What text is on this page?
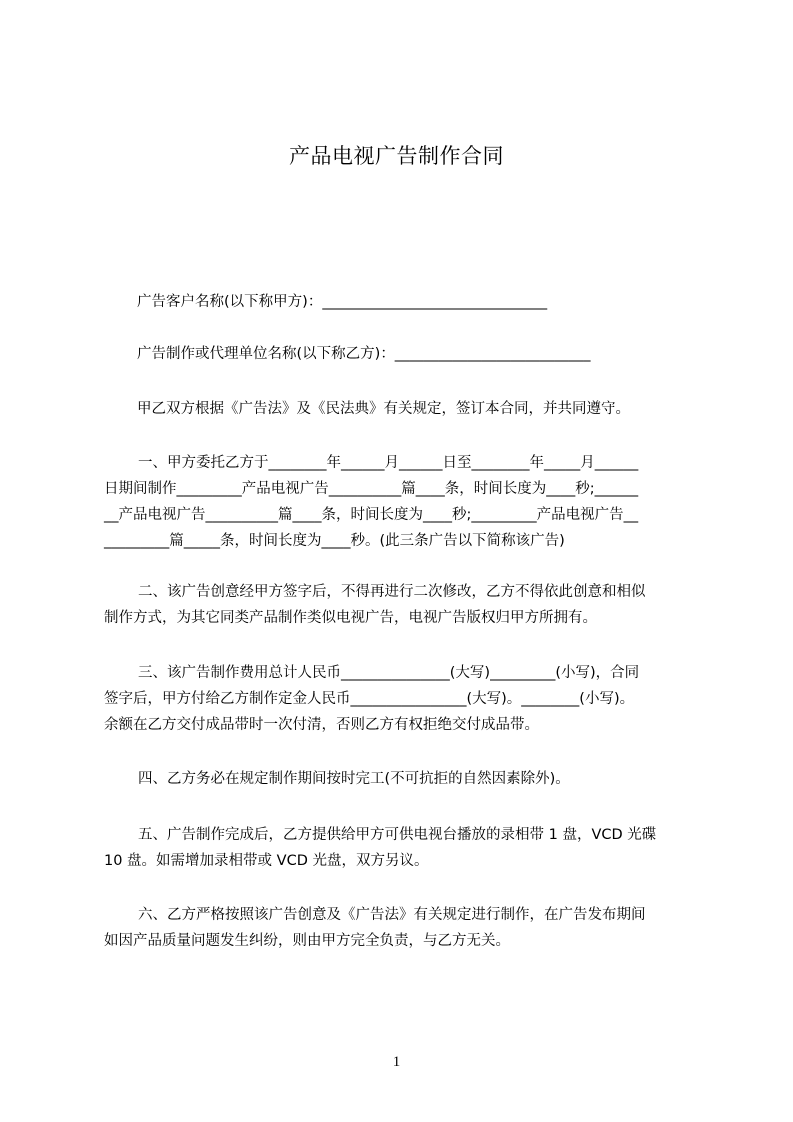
产品电视广告制作合同

广告客户名称(以下称甲方)：_______________________________

广告制作或代理单位名称(以下称乙方)：___________________________

甲乙双方根据《广告法》及《民法典》有关规定，签订本合同，并共同遵守。

一、甲方委托乙方于________年______月______日至________年_____月______
日期间制作_________产品电视广告__________篇____条，时间长度为____秒;______
__产品电视广告__________篇____条，时间长度为____秒;_________产品电视广告__
_________篇_____条，时间长度为____秒。(此三条广告以下简称该广告)
二、该广告创意经甲方签字后，不得再进行二次修改，乙方不得依此创意和相似
制作方式，为其它同类产品制作类似电视广告，电视广告版权归甲方所拥有。
三、该广告制作费用总计人民币_______________(大写)_________(小写)，合同
签字后，甲方付给乙方制作定金人民币________________(大写)。________(小写)。
余额在乙方交付成品带时一次付清，否则乙方有权拒绝交付成品带。
四、乙方务必在规定制作期间按时完工(不可抗拒的自然因素除外)。
五、广告制作完成后，乙方提供给甲方可供电视台播放的录相带 1 盘，VCD 光碟
10 盘。如需增加录相带或 VCD 光盘，双方另议。
六、乙方严格按照该广告创意及《广告法》有关规定进行制作，在广告发布期间
如因产品质量问题发生纠纷，则由甲方完全负责，与乙方无关。
1
